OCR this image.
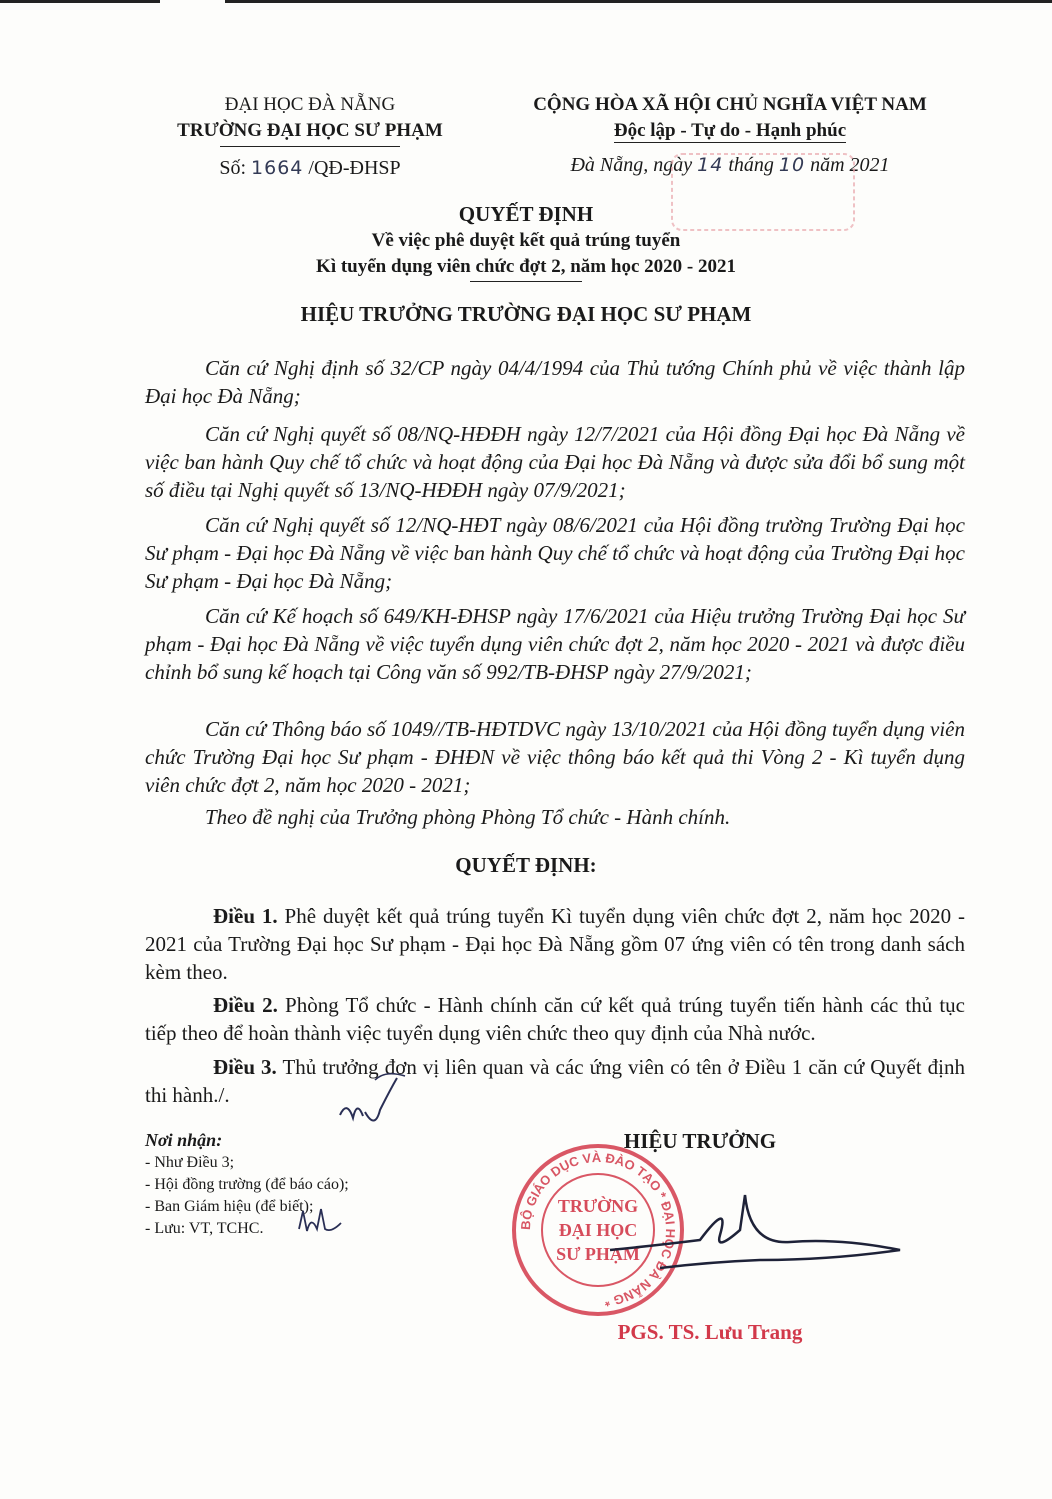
ĐẠI HỌC ĐÀ NẴNG
TRƯỜNG ĐẠI HỌC SƯ PHẠM
Số: 1664 /QĐ-ĐHSP
CỘNG HÒA XÃ HỘI CHỦ NGHĨA VIỆT NAM
Độc lập - Tự do - Hạnh phúc
Đà Nẵng, ngày 14 tháng 10 năm 2021
QUYẾT ĐỊNH
Về việc phê duyệt kết quả trúng tuyển
Kì tuyển dụng viên chức đợt 2, năm học 2020 - 2021
HIỆU TRƯỞNG TRƯỜNG ĐẠI HỌC SƯ PHẠM

Căn cứ Nghị định số 32/CP ngày 04/4/1994 của Thủ tướng Chính phủ về việc thành lập Đại học Đà Nẵng;

Căn cứ Nghị quyết số 08/NQ-HĐĐH ngày 12/7/2021 của Hội đồng Đại học Đà Nẵng về việc ban hành Quy chế tổ chức và hoạt động của Đại học Đà Nẵng và được sửa đổi bổ sung một số điều tại Nghị quyết số 13/NQ-HĐĐH ngày 07/9/2021;

Căn cứ Nghị quyết số 12/NQ-HĐT ngày 08/6/2021 của Hội đồng trường Trường Đại học Sư phạm - Đại học Đà Nẵng về việc ban hành Quy chế tổ chức và hoạt động của Trường Đại học Sư phạm - Đại học Đà Nẵng;

Căn cứ Kế hoạch số 649/KH-ĐHSP ngày 17/6/2021 của Hiệu trưởng Trường Đại học Sư phạm - Đại học Đà Nẵng về việc tuyển dụng viên chức đợt 2, năm học 2020 - 2021 và được điều chỉnh bổ sung kế hoạch tại Công văn số 992/TB-ĐHSP ngày 27/9/2021;

Căn cứ Thông báo số 1049//TB-HĐTDVC ngày 13/10/2021 của Hội đồng tuyển dụng viên chức Trường Đại học Sư phạm - ĐHĐN về việc thông báo kết quả thi Vòng 2 - Kì tuyển dụng viên chức đợt 2, năm học 2020 - 2021;

Theo đề nghị của Trưởng phòng Phòng Tổ chức - Hành chính.

QUYẾT ĐỊNH:

Điều 1. Phê duyệt kết quả trúng tuyển Kì tuyển dụng viên chức đợt 2, năm học 2020 - 2021 của Trường Đại học Sư phạm - Đại học Đà Nẵng gồm 07 ứng viên có tên trong danh sách kèm theo.

Điều 2. Phòng Tổ chức - Hành chính căn cứ kết quả trúng tuyển tiến hành các thủ tục tiếp theo để hoàn thành việc tuyển dụng viên chức theo quy định của Nhà nước.

Điều 3. Thủ trưởng đơn vị liên quan và các ứng viên có tên ở Điều 1 căn cứ Quyết định thi hành./.

Nơi nhận:
- Như Điều 3;
- Hội đồng trường (để báo cáo);
- Ban Giám hiệu (để biết);
- Lưu: VT, TCHC.
HIỆU TRƯỞNG
BỘ GIÁO DỤC VÀ ĐÀO TẠO * ĐẠI HỌC ĐÀ NẴNG *
TRƯỜNG
ĐẠI HỌC
SƯ PHẠM
PGS. TS. Lưu Trang
